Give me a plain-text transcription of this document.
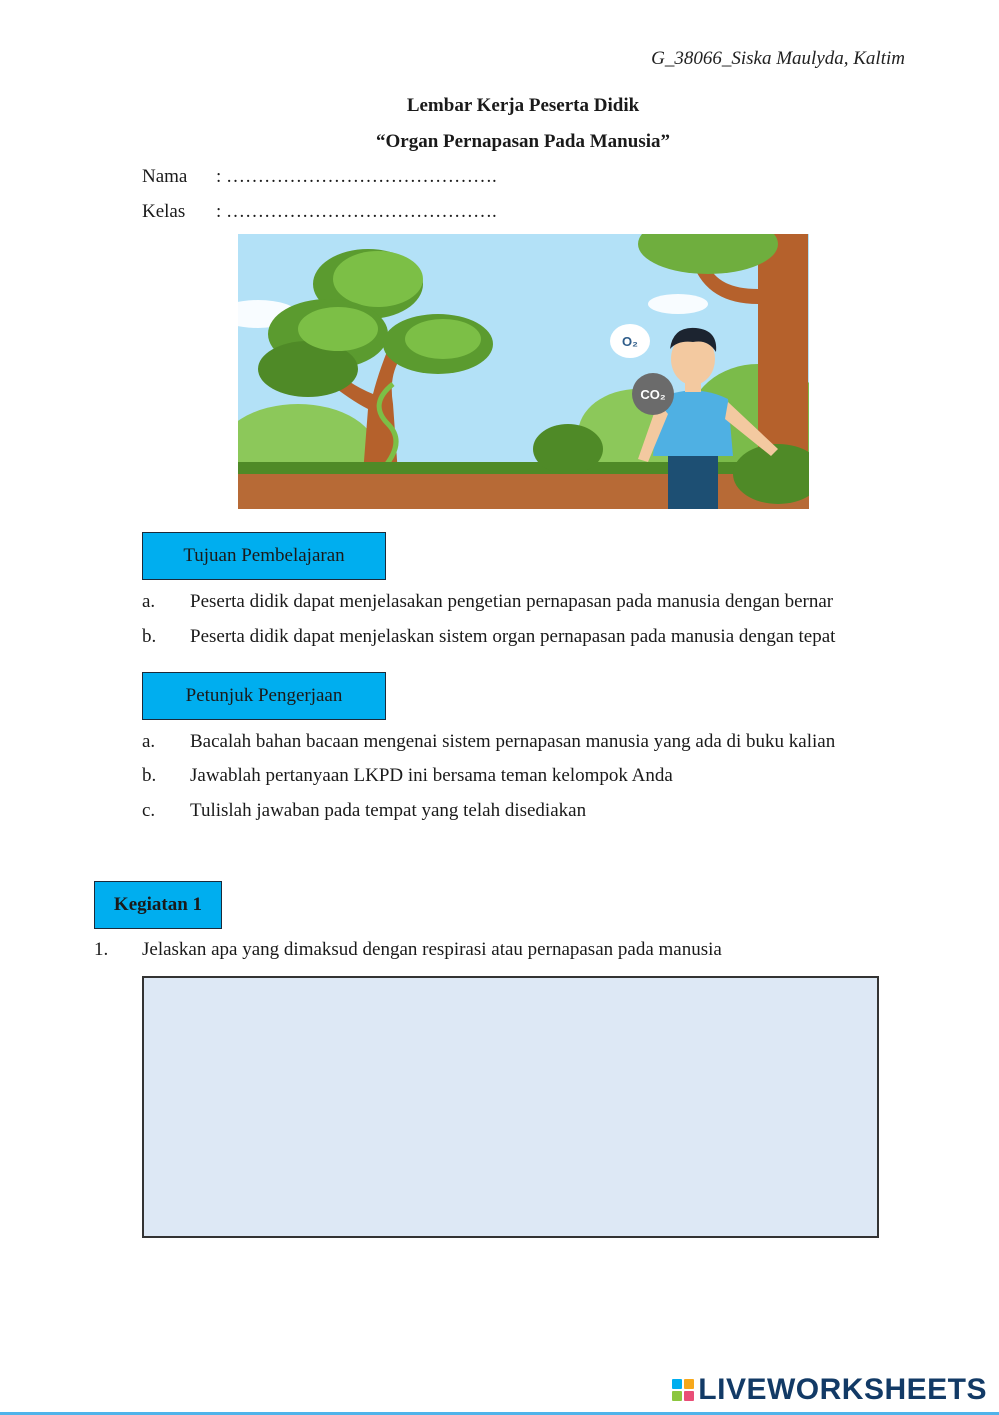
G_38066_Siska Maulyda, Kaltim
Lembar Kerja Peserta Didik
“Organ Pernapasan Pada Manusia”
Nama : …………………………………….
Kelas : …………………………………….
O₂
CO₂
Tujuan Pembelajaran
a. Peserta didik dapat menjelasakan pengetian pernapasan pada manusia dengan bernar
b. Peserta didik dapat menjelaskan sistem organ pernapasan pada manusia dengan tepat
Petunjuk Pengerjaan
a. Bacalah bahan bacaan mengenai sistem pernapasan manusia yang ada di buku kalian
b. Jawablah pertanyaan LKPD ini bersama teman kelompok Anda
c. Tulislah jawaban pada tempat yang telah disediakan
Kegiatan 1
1. Jelaskan apa yang dimaksud dengan respirasi atau pernapasan pada manusia
LIVEWORKSHEETS
